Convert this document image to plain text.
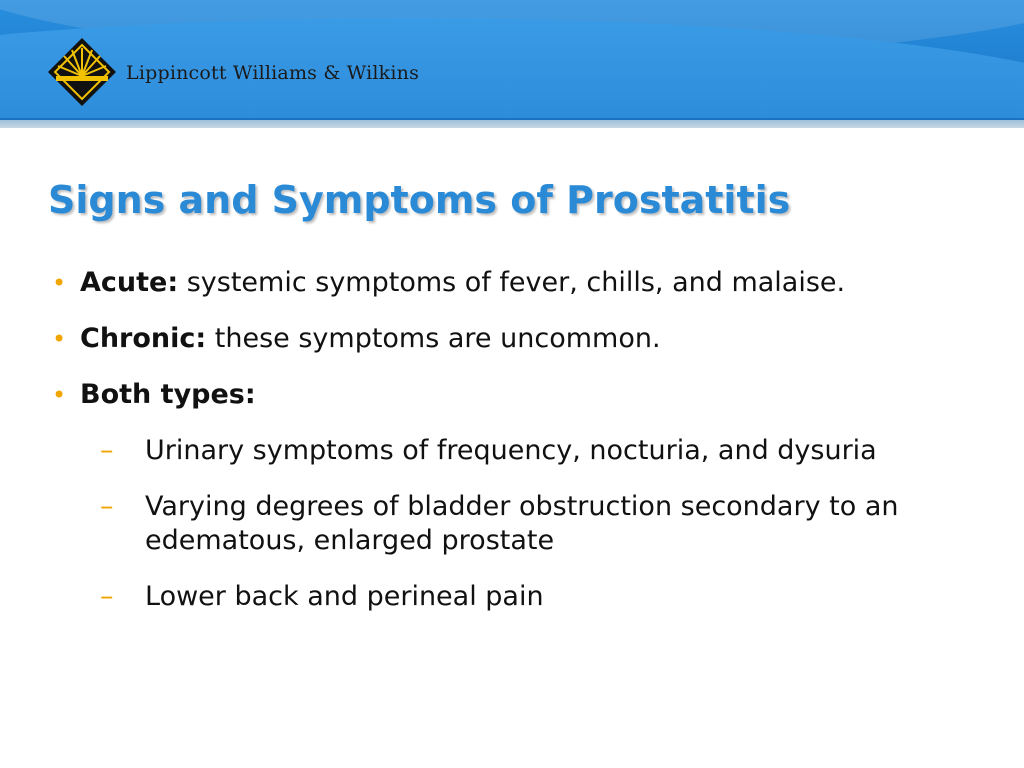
Lippincott Williams & Wilkins
Signs and Symptoms of Prostatitis
• Acute: systemic symptoms of fever, chills, and malaise.
• Chronic: these symptoms are uncommon.
• Both types:
– Urinary symptoms of frequency, nocturia, and dysuria
– Varying degrees of bladder obstruction secondary to an edematous, enlarged prostate
– Lower back and perineal pain
